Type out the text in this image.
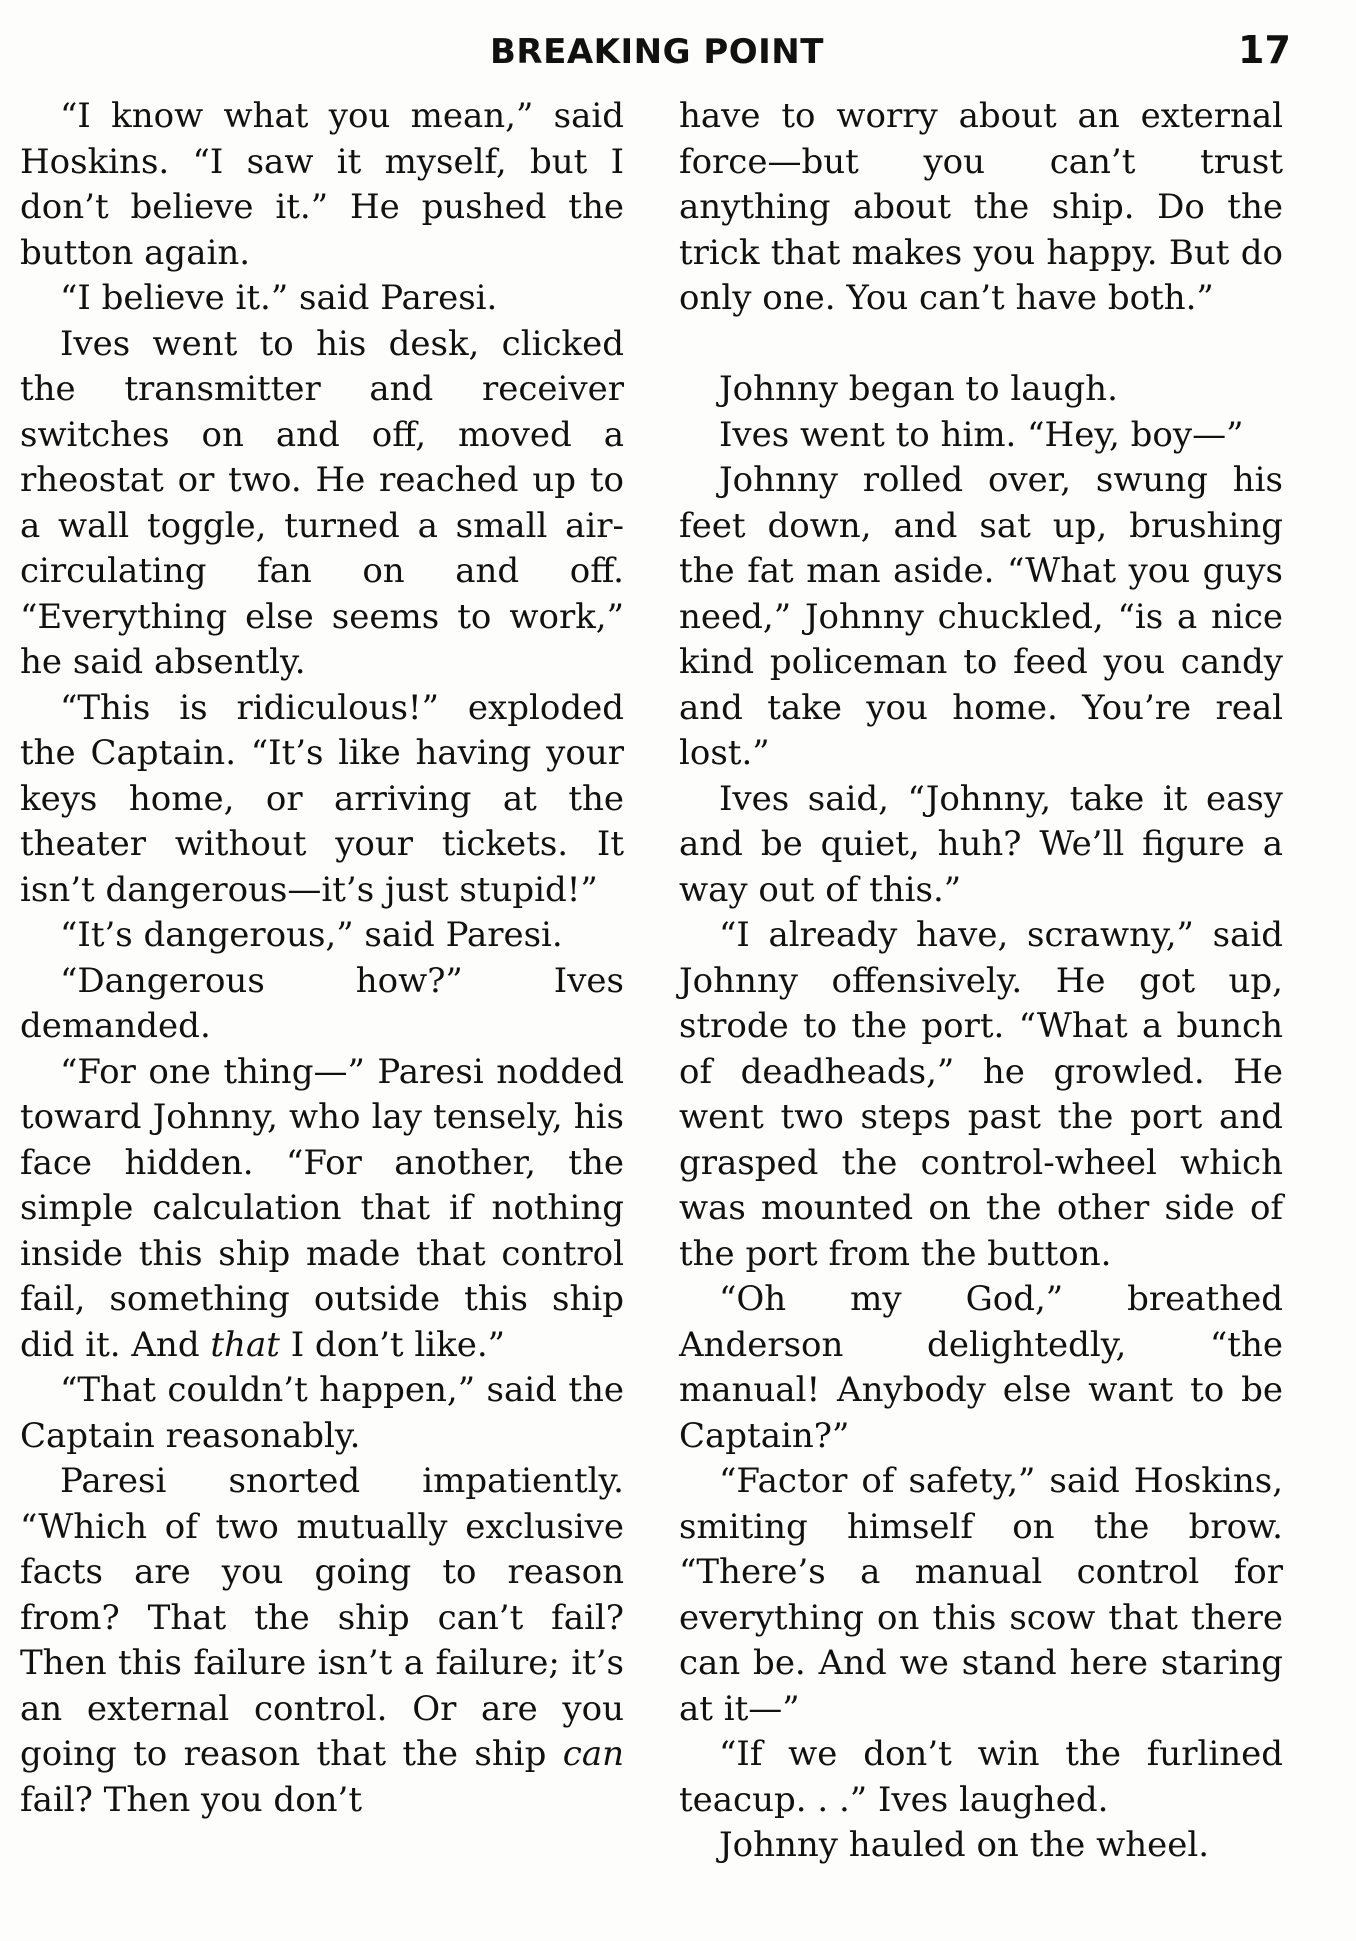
BREAKING POINT	17

“I know what you mean,” said Hoskins. “I saw it myself, but I don’t believe it.” He pushed the button again.

“I believe it.” said Paresi.

Ives went to his desk, clicked the transmitter and receiver switches on and off, moved a rheostat or two. He reached up to a wall toggle, turned a small air-circulating fan on and off. “Everything else seems to work,” he said absently.

“This is ridiculous!” exploded the Captain. “It’s like having your keys home, or arriving at the theater without your tickets. It isn’t dangerous—it’s just stupid!”

“It’s dangerous,” said Paresi.

“Dangerous how?” Ives demanded.

“For one thing—” Paresi nodded toward Johnny, who lay tensely, his face hidden. “For another, the simple calculation that if nothing inside this ship made that control fail, something outside this ship did it. And that I don’t like.”

“That couldn’t happen,” said the Captain reasonably.

Paresi snorted impatiently. “Which of two mutually exclusive facts are you going to reason from? That the ship can’t fail? Then this failure isn’t a failure; it’s an external control. Or are you going to reason that the ship can fail? Then you don’t

have to worry about an external force—but you can’t trust anything about the ship. Do the trick that makes you happy. But do only one. You can’t have both.”

Johnny began to laugh.

Ives went to him. “Hey, boy—”

Johnny rolled over, swung his feet down, and sat up, brushing the fat man aside. “What you guys need,” Johnny chuckled, “is a nice kind policeman to feed you candy and take you home. You’re real lost.”

Ives said, “Johnny, take it easy and be quiet, huh? We’ll figure a way out of this.”

“I already have, scrawny,” said Johnny offensively. He got up, strode to the port. “What a bunch of deadheads,” he growled. He went two steps past the port and grasped the control-wheel which was mounted on the other side of the port from the button.

“Oh my God,” breathed Anderson delightedly, “the manual! Anybody else want to be Captain?”

“Factor of safety,” said Hoskins, smiting himself on the brow. “There’s a manual control for everything on this scow that there can be. And we stand here staring at it—”

“If we don’t win the furlined teacup. . .” Ives laughed.

Johnny hauled on the wheel.
